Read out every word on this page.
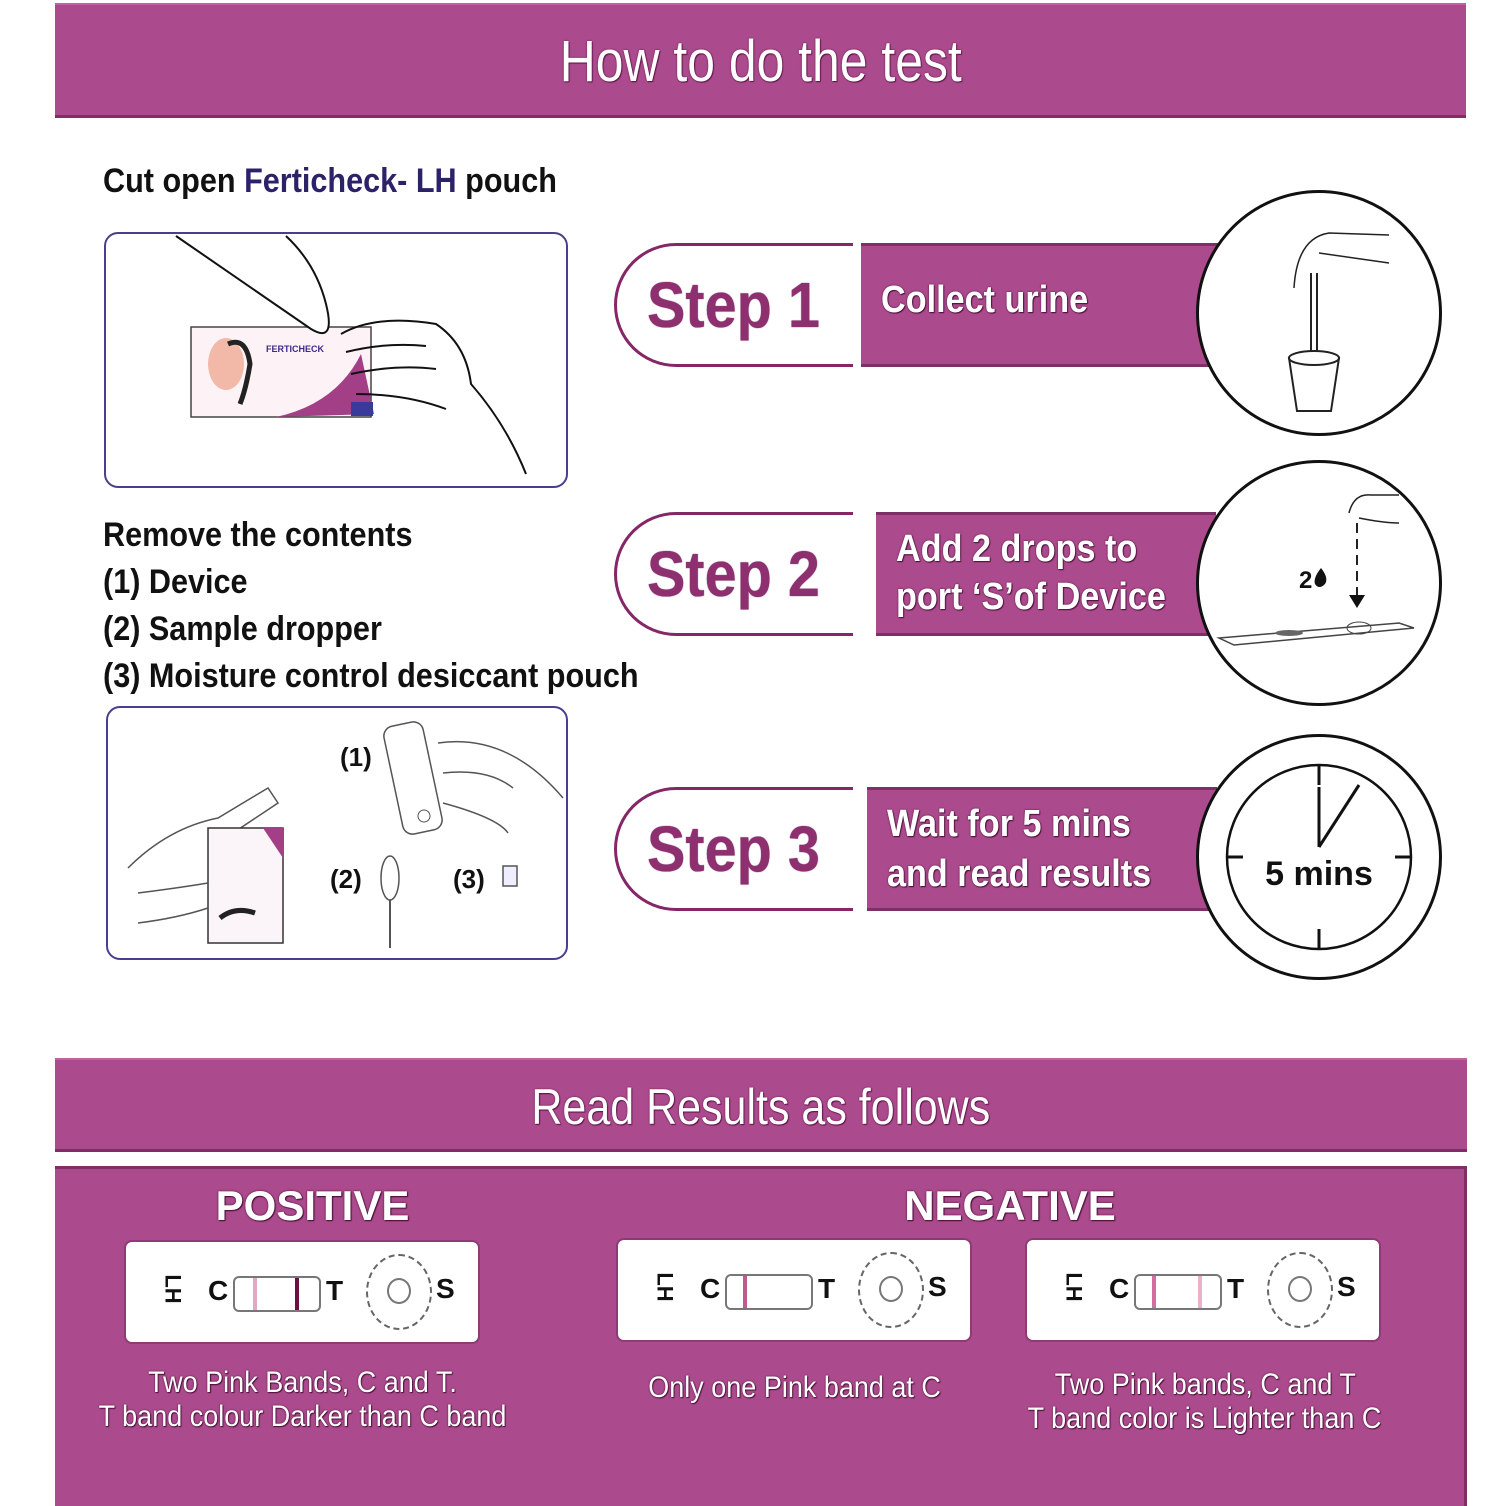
How to do the test
Cut open Ferticheck- LH pouch
FERTICHECK
Remove the contents
(1) Device
(2) Sample dropper
(3) Moisture control desiccant pouch
(1)
(2)	(3)
Step 1 Collect urine
Step 2 Add 2 drops to
port ‘S’of Device	2
Step 3 Wait for 5 mins
and read results	5 mins
Read Results as follows
POSITIVE	NEGATIVE
LH C	T	S
Two Pink Bands, C and T.
T band colour Darker than C band
LH C	T	S
Only one Pink band at C
LH C	T	S
Two Pink bands, C and T
T band color is Lighter than C
